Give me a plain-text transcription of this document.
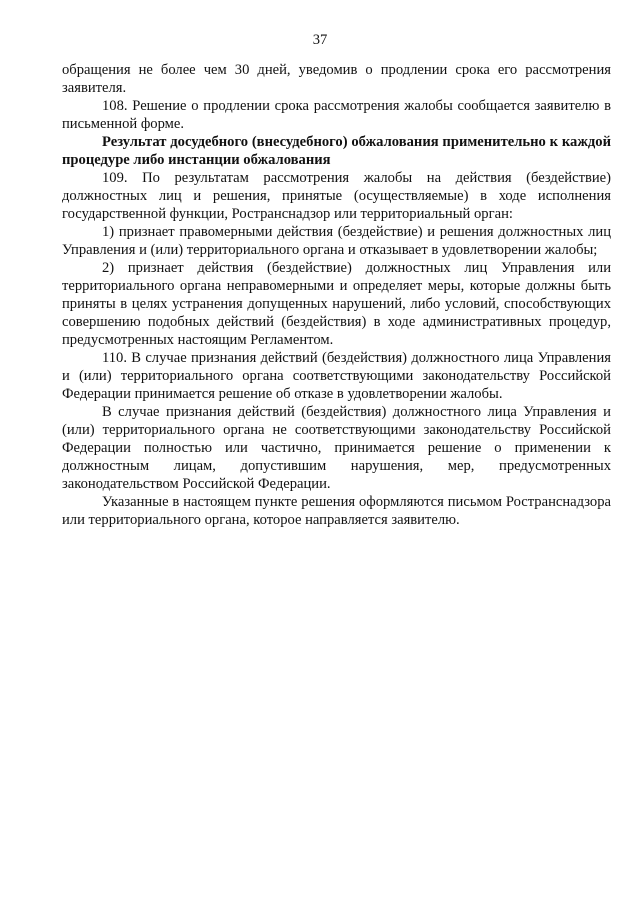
37

обращения не более чем 30 дней, уведомив о продлении срока его рассмотрения заявителя.

108. Решение о продлении срока рассмотрения жалобы сообщается заявителю в письменной форме.

Результат досудебного (внесудебного) обжалования применительно к каждой процедуре либо инстанции обжалования

109. По результатам рассмотрения жалобы на действия (бездействие) должностных лиц и решения, принятые (осуществляемые) в ходе исполнения государственной функции, Ространснадзор или территориальный орган:

1) признает правомерными действия (бездействие) и решения должностных лиц Управления и (или) территориального органа и отказывает в удовлетворении жалобы;

2) признает действия (бездействие) должностных лиц Управления или территориального органа неправомерными и определяет меры, которые должны быть приняты в целях устранения допущенных нарушений, либо условий, способствующих совершению подобных действий (бездействия) в ходе административных процедур, предусмотренных настоящим Регламентом.

110. В случае признания действий (бездействия) должностного лица Управления и (или) территориального органа соответствующими законодательству Российской Федерации принимается решение об отказе в удовлетворении жалобы.

В случае признания действий (бездействия) должностного лица Управления и (или) территориального органа не соответствующими законодательству Российской Федерации полностью или частично, принимается решение о применении к должностным лицам, допустившим нарушения, мер, предусмотренных законодательством Российской Федерации.

Указанные в настоящем пункте решения оформляются письмом Ространснадзора или территориального органа, которое направляется заявителю.
